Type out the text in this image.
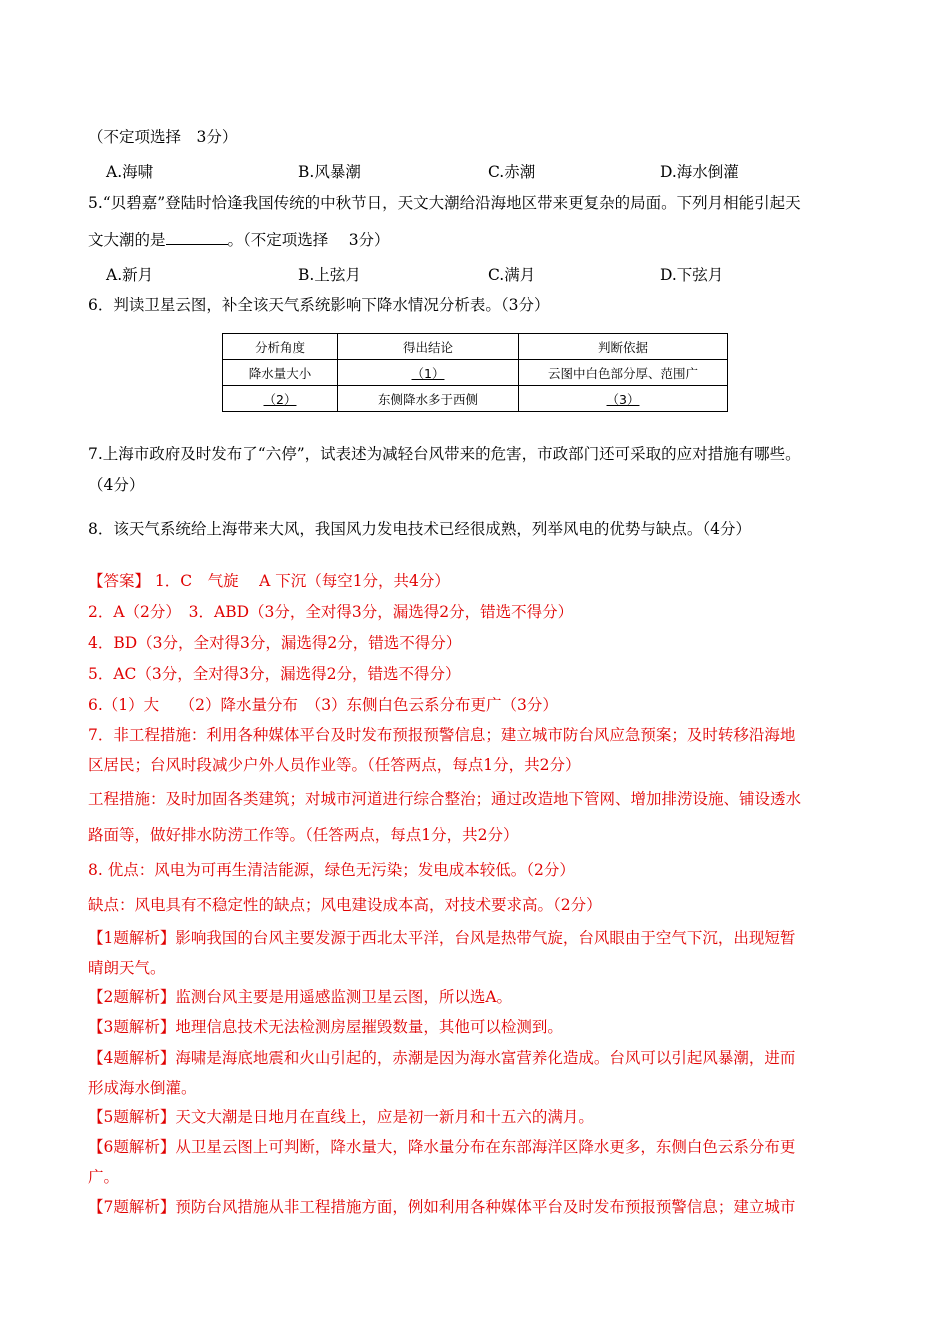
（不定项选择　3分）
A.海啸	B.风暴潮	C.赤潮	D.海水倒灌
5.“贝碧嘉”登陆时恰逢我国传统的中秋节日，天文大潮给沿海地区带来更复杂的局面。下列月相能引起天
文大潮的是	。（不定项选择　 3分）
A.新月	B.上弦月	C.满月	D.下弦月
6．判读卫星云图，补全该天气系统影响下降水情况分析表。（3分）
分析角度	得出结论	判断依据
降水量大小	（1）	云图中白色部分厚、范围广
（2）	东侧降水多于西侧	（3）
7.上海市政府及时发布了“六停”，试表述为减轻台风带来的危害，市政部门还可采取的应对措施有哪些。
（4分）
8．该天气系统给上海带来大风，我国风力发电技术已经很成熟，列举风电的优势与缺点。（4分）
【答案】 1．C　气旋　 A 下沉（每空1分，共4分）
2．A（2分）　3．ABD（3分，全对得3分，漏选得2分，错选不得分）
4．BD（3分，全对得3分，漏选得2分，错选不得分）
5．AC（3分，全对得3分，漏选得2分，错选不得分）
6.（1）大　 （2）降水量分布　（3）东侧白色云系分布更广（3分）
7．非工程措施：利用各种媒体平台及时发布预报预警信息；建立城市防台风应急预案；及时转移沿海地
区居民；台风时段减少户外人员作业等。（任答两点，每点1分，共2分）
工程措施：及时加固各类建筑；对城市河道进行综合整治；通过改造地下管网、增加排涝设施、铺设透水
路面等，做好排水防涝工作等。（任答两点，每点1分，共2分）
8. 优点：风电为可再生清洁能源，绿色无污染；发电成本较低。（2分）
缺点：风电具有不稳定性的缺点；风电建设成本高，对技术要求高。（2分）
【1题解析】影响我国的台风主要发源于西北太平洋，台风是热带气旋，台风眼由于空气下沉，出现短暂
晴朗天气。
【2题解析】监测台风主要是用遥感监测卫星云图，所以选A。
【3题解析】地理信息技术无法检测房屋摧毁数量，其他可以检测到。
【4题解析】海啸是海底地震和火山引起的，赤潮是因为海水富营养化造成。台风可以引起风暴潮，进而
形成海水倒灌。
【5题解析】天文大潮是日地月在直线上，应是初一新月和十五六的满月。
【6题解析】从卫星云图上可判断，降水量大，降水量分布在东部海洋区降水更多，东侧白色云系分布更
广。
【7题解析】预防台风措施从非工程措施方面，例如利用各种媒体平台及时发布预报预警信息；建立城市
